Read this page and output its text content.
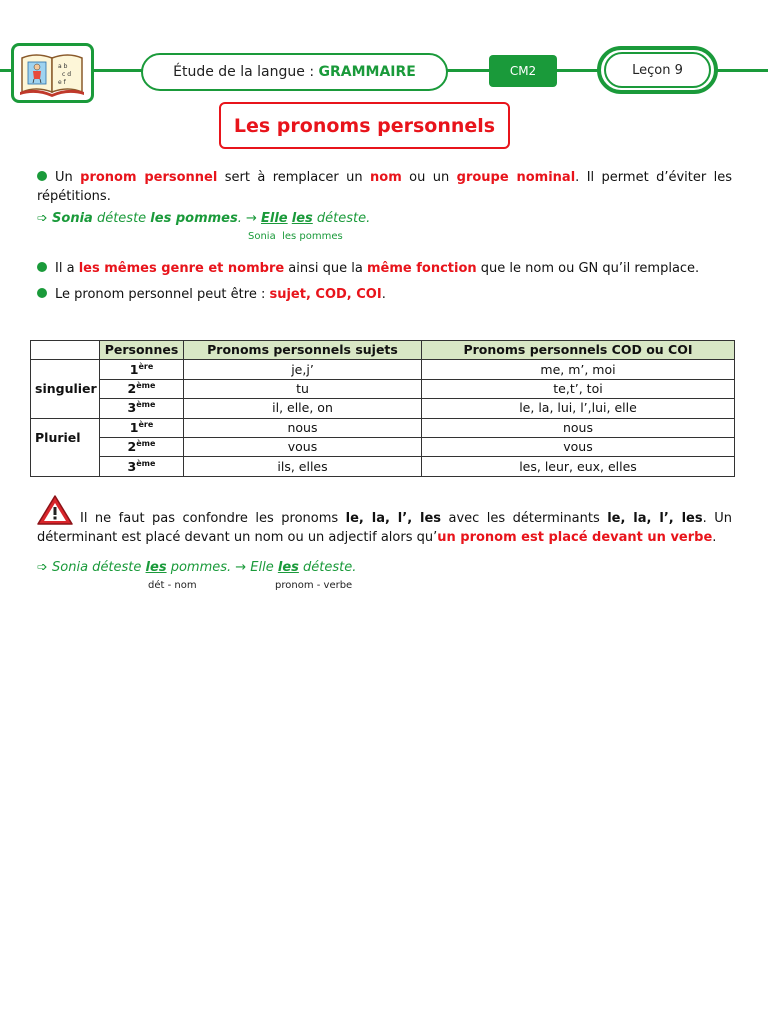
a b
c d
e f
Étude de la langue : GRAMMAIRE	CM2	Leçon 9
Les pronoms personnels
Un pronom personnel sert à remplacer un nom ou un groupe nominal. Il permet d’éviter les répétitions.
➩ Sonia déteste les pommes. → Elle les déteste.
Sonia les pommes
Il a les mêmes genre et nombre ainsi que la même fonction que le nom ou GN qu’il remplace.
Le pronom personnel peut être : sujet, COD, COI.
	Personnes	Pronoms personnels sujets	Pronoms personnels COD ou COI
singulier	1ère	je,j’	me, m’, moi
	2ème	tu	te,t’, toi
	3ème	il, elle, on	le, la, lui, l’,lui, elle
Pluriel	1ère	nous	nous
	2ème	vous	vous
	3ème	ils, elles	les, leur, eux, elles
Il ne faut pas confondre les pronoms le, la, l’, les avec les déterminants le, la, l’, les. Un déterminant est placé devant un nom ou un adjectif alors qu’un pronom est placé devant un verbe.
➩ Sonia déteste les pommes. → Elle les déteste.
dét - nom	pronom - verbe
